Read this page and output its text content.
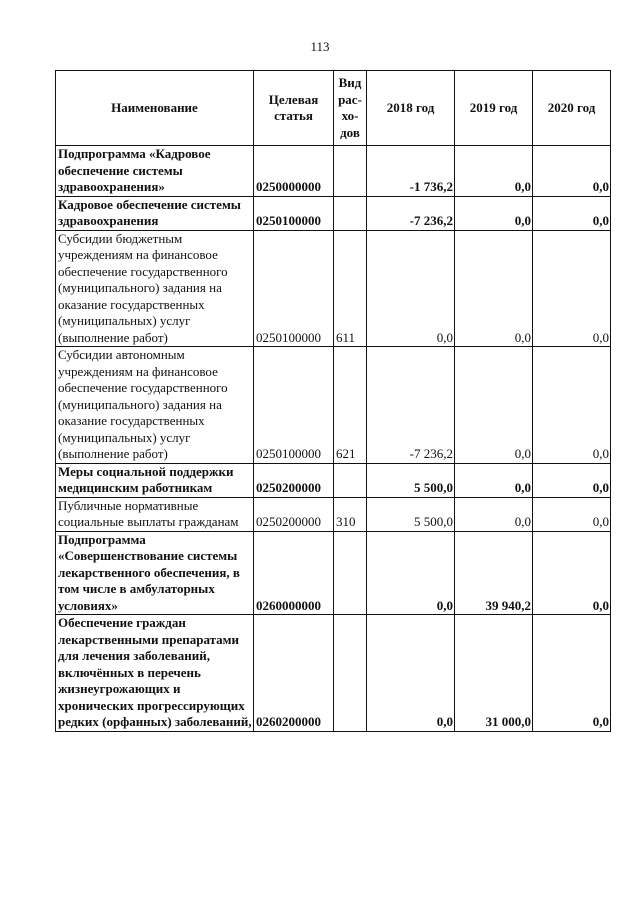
113
Наименование	Целевая статья	Вид рас-хо-дов	2018 год	2019 год	2020 год
Подпрограмма «Кадровое обеспечение системы здравоохранения»	0250000000		-1 736,2	0,0	0,0
Кадровое обеспечение системы здравоохранения	0250100000		-7 236,2	0,0	0,0
Субсидии бюджетным учреждениям на финансовое обеспечение государственного (муниципального) задания на оказание государственных (муниципальных) услуг (выполнение работ)	0250100000	611	0,0	0,0	0,0
Субсидии автономным учреждениям на финансовое обеспечение государственного (муниципального) задания на оказание государственных (муниципальных) услуг (выполнение работ)	0250100000	621	-7 236,2	0,0	0,0
Меры социальной поддержки медицинским работникам	0250200000		5 500,0	0,0	0,0
Публичные нормативные социальные выплаты гражданам	0250200000	310	5 500,0	0,0	0,0
Подпрограмма «Совершенствование системы лекарственного обеспечения, в том числе в амбулаторных условиях»	0260000000		0,0	39 940,2	0,0
Обеспечение граждан лекарственными препаратами для лечения заболеваний, включённых в перечень жизнеугрожающих и хронических прогрессирующих редких (орфанных) заболеваний,	0260200000		0,0	31 000,0	0,0
